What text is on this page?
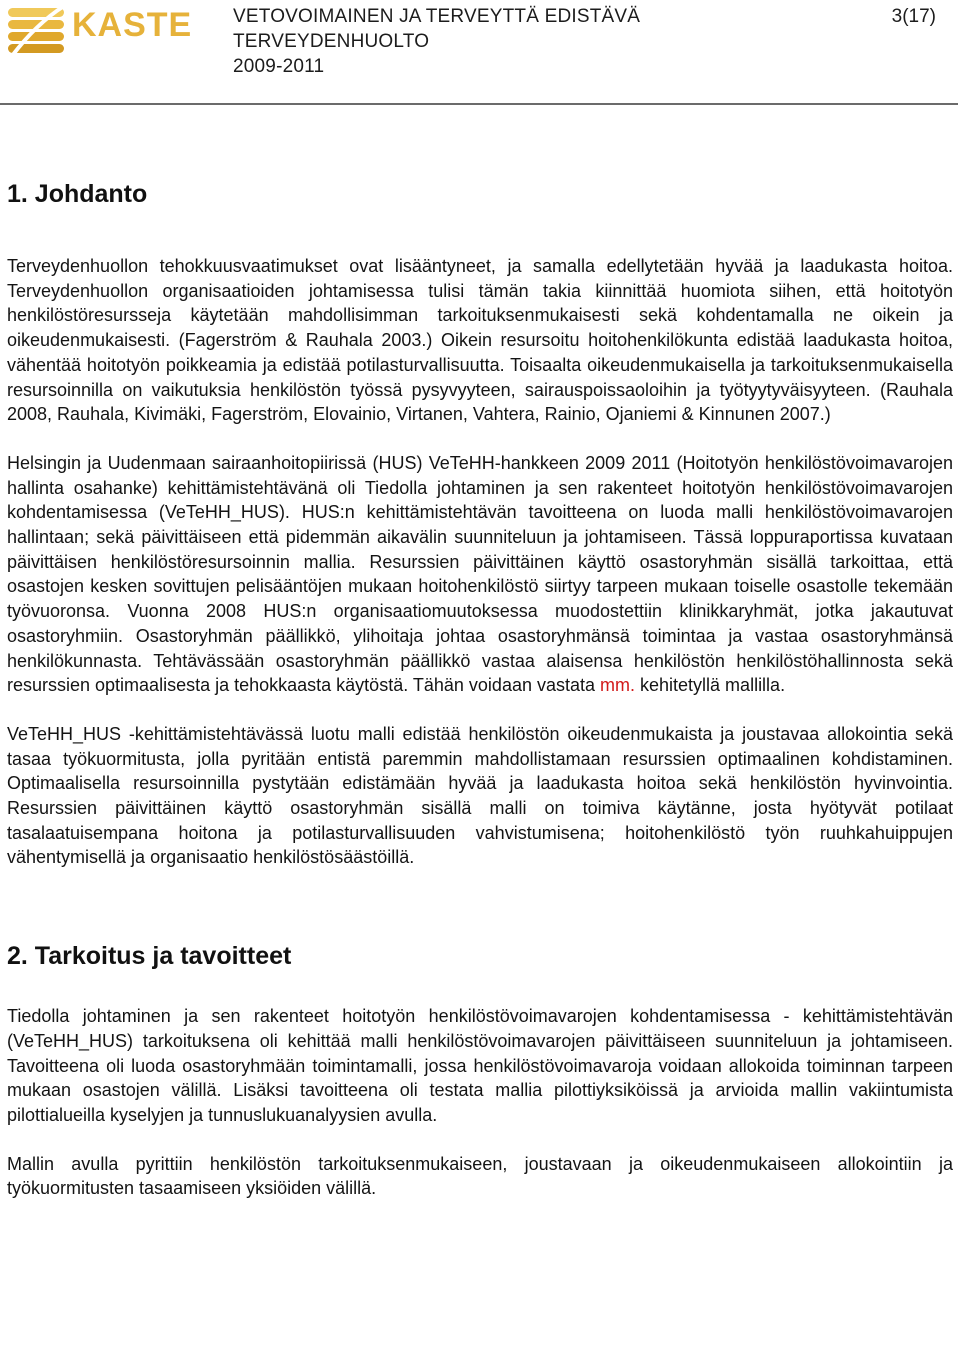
KASTE VETOVOIMAINEN JA TERVEYTTÄ EDISTÄVÄ
TERVEYDENHUOLTO
2009-2011
3(17)
1. Johdanto

Terveydenhuollon tehokkuusvaatimukset ovat lisääntyneet, ja samalla edellytetään hyvää ja laadukasta hoitoa. Terveydenhuollon organisaatioiden johtamisessa tulisi tämän takia kiinnittää huomiota siihen, että hoitotyön henkilöstöresursseja käytetään mahdollisimman tarkoituksenmukaisesti sekä kohdentamalla ne oikein ja oikeudenmukaisesti. (Fagerström & Rauhala 2003.) Oikein resursoitu hoitohenkilökunta edistää laadukasta hoitoa, vähentää hoitotyön poikkeamia ja edistää potilasturvallisuutta. Toisaalta oikeudenmukaisella ja tarkoituksenmukaisella resursoinnilla on vaikutuksia henkilöstön työssä pysyvyyteen, sairauspoissaoloihin ja työtyytyväisyyteen. (Rauhala 2008, Rauhala, Kivimäki, Fagerström, Elovainio, Virtanen, Vahtera, Rainio, Ojaniemi & Kinnunen 2007.)

Helsingin ja Uudenmaan sairaanhoitopiirissä (HUS) VeTeHH-hankkeen 2009 2011 (Hoitotyön henkilöstövoimavarojen hallinta osahanke) kehittämistehtävänä oli Tiedolla johtaminen ja sen rakenteet hoitotyön henkilöstövoimavarojen kohdentamisessa (VeTeHH_HUS). HUS:n kehittämistehtävän tavoitteena on luoda malli henkilöstövoimavarojen hallintaan; sekä päivittäiseen että pidemmän aikavälin suunniteluun ja johtamiseen. Tässä loppuraportissa kuvataan päivittäisen henkilöstöresursoinnin mallia. Resurssien päivittäinen käyttö osastoryhmän sisällä tarkoittaa, että osastojen kesken sovittujen pelisääntöjen mukaan hoitohenkilöstö siirtyy tarpeen mukaan toiselle osastolle tekemään työvuoronsa. Vuonna 2008 HUS:n organisaatiomuutoksessa muodostettiin klinikkaryhmät, jotka jakautuvat osastoryhmiin. Osastoryhmän päällikkö, ylihoitaja johtaa osastoryhmänsä toimintaa ja vastaa osastoryhmänsä henkilökunnasta. Tehtävässään osastoryhmän päällikkö vastaa alaisensa henkilöstön henkilöstöhallinnosta sekä resurssien optimaalisesta ja tehokkaasta käytöstä. Tähän voidaan vastata mm. kehitetyllä mallilla.

VeTeHH_HUS -kehittämistehtävässä luotu malli edistää henkilöstön oikeudenmukaista ja joustavaa allokointia sekä tasaa työkuormitusta, jolla pyritään entistä paremmin mahdollistamaan resurssien optimaalinen kohdistaminen. Optimaalisella resursoinnilla pystytään edistämään hyvää ja laadukasta hoitoa sekä henkilöstön hyvinvointia. Resurssien päivittäinen käyttö osastoryhmän sisällä malli on toimiva käytänne, josta hyötyvät potilaat tasalaatuisempana hoitona ja potilasturvallisuuden vahvistumisena; hoitohenkilöstö työn ruuhkahuippujen vähentymisellä ja organisaatio henkilöstösäästöillä.

2. Tarkoitus ja tavoitteet

Tiedolla johtaminen ja sen rakenteet hoitotyön henkilöstövoimavarojen kohdentamisessa - kehittämistehtävän (VeTeHH_HUS) tarkoituksena oli kehittää malli henkilöstövoimavarojen päivittäiseen suunniteluun ja johtamiseen. Tavoitteena oli luoda osastoryhmään toimintamalli, jossa henkilöstövoimavaroja voidaan allokoida toiminnan tarpeen mukaan osastojen välillä. Lisäksi tavoitteena oli testata mallia pilottiyksiköissä ja arvioida mallin vakiintumista pilottialueilla kyselyjen ja tunnuslukuanalyysien avulla.

Mallin avulla pyrittiin henkilöstön tarkoituksenmukaiseen, joustavaan ja oikeudenmukaiseen allokointiin ja työkuormitusten tasaamiseen yksiöiden välillä.
